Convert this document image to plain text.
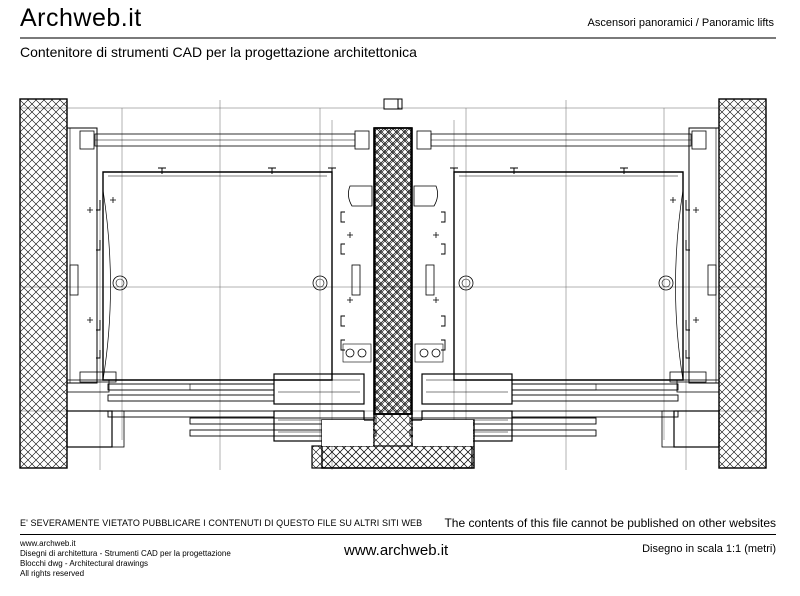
Archweb.it	Ascensori panoramici / Panoramic lifts
Contenitore di strumenti CAD per la progettazione architettonica
E' SEVERAMENTE VIETATO PUBBLICARE I CONTENUTI DI QUESTO FILE SU ALTRI SITI WEB The contents of this file cannot be published on other websites
www.archweb.it
Disegni di architettura - Strumenti CAD per la progettazione
Blocchi dwg - Architectural drawings
All rights reserved
www.archweb.it	Disegno in scala 1:1 (metri)
